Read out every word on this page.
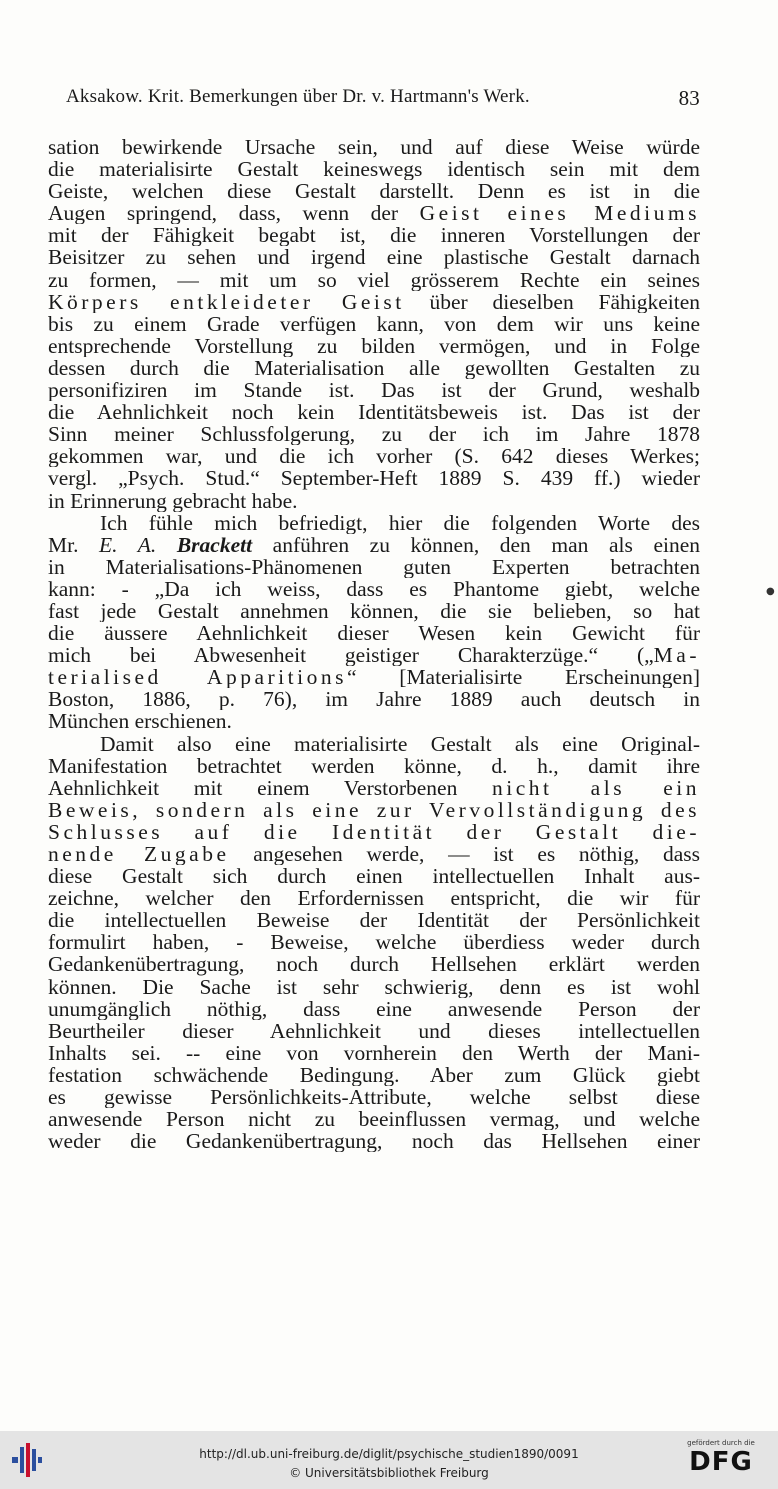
Aksakow. Krit. Bemerkungen über Dr. v. Hartmann's Werk.	83
sation bewirkende Ursache sein, und auf diese Weise würde
die materialisirte Gestalt keineswegs identisch sein mit dem
Geiste, welchen diese Gestalt darstellt. Denn es ist in die
Augen springend, dass, wenn der Geist eines Mediums
mit der Fähigkeit begabt ist, die inneren Vorstellungen der
Beisitzer zu sehen und irgend eine plastische Gestalt darnach
zu formen, — mit um so viel grösserem Rechte ein seines
Körpers entkleideter Geist über dieselben Fähigkeiten
bis zu einem Grade verfügen kann, von dem wir uns keine
entsprechende Vorstellung zu bilden vermögen, und in Folge
dessen durch die Materialisation alle gewollten Gestalten zu
personifiziren im Stande ist. Das ist der Grund, weshalb
die Aehnlichkeit noch kein Identitätsbeweis ist. Das ist der
Sinn meiner Schlussfolgerung, zu der ich im Jahre 1878
gekommen war, und die ich vorher (S. 642 dieses Werkes;
vergl. „Psych. Stud.“ September-Heft 1889 S. 439 ff.) wieder
in Erinnerung gebracht habe.
Ich fühle mich befriedigt, hier die folgenden Worte des
Mr. E. A. Brackett anführen zu können, den man als einen
in Materialisations-Phänomenen guten Experten betrachten
kann: - „Da ich weiss, dass es Phantome giebt, welche
fast jede Gestalt annehmen können, die sie belieben, so hat
die äussere Aehnlichkeit dieser Wesen kein Gewicht für
mich bei Abwesenheit geistiger Charakterzüge.“ („Ma-
terialised Apparitions“ [Materialisirte Erscheinungen]
Boston, 1886, p. 76), im Jahre 1889 auch deutsch in
München erschienen.
Damit also eine materialisirte Gestalt als eine Original-
Manifestation betrachtet werden könne, d. h., damit ihre
Aehnlichkeit mit einem Verstorbenen nicht als ein
Beweis, sondern als eine zur Vervollständigung des
Schlusses auf die Identität der Gestalt die-
nende Zugabe angesehen werde, — ist es nöthig, dass
diese Gestalt sich durch einen intellectuellen Inhalt aus-
zeichne, welcher den Erfordernissen entspricht, die wir für
die intellectuellen Beweise der Identität der Persönlichkeit
formulirt haben, - Beweise, welche überdiess weder durch
Gedankenübertragung, noch durch Hellsehen erklärt werden
können. Die Sache ist sehr schwierig, denn es ist wohl
unumgänglich nöthig, dass eine anwesende Person der
Beurtheiler dieser Aehnlichkeit und dieses intellectuellen
Inhalts sei. -- eine von vornherein den Werth der Mani-
festation schwächende Bedingung. Aber zum Glück giebt
es gewisse Persönlichkeits-Attribute, welche selbst diese
anwesende Person nicht zu beeinflussen vermag, und welche
weder die Gedankenübertragung, noch das Hellsehen einer
●
http://dl.ub.uni-freiburg.de/diglit/psychische_studien1890/0091
© Universitätsbibliothek Freiburg
gefördert durch die
DFG
